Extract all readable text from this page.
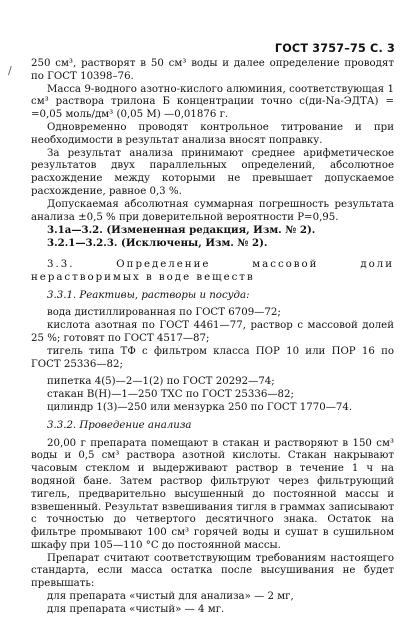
ГОСТ 3757–75 С. 3
/

250 см³, растворят в 50 см³ воды и далее определение проводят по ГОСТ 10398–76.

Масса 9-водного азотно-кислого алюминия, соответствующая 1 см³ раствора трилона Б концентрации точно с(ди-Na-ЭДТА) = =0,05 моль/дм³ (0,05 М) —0,01876 г.

Одновременно проводят контрольное титрование и при необходимости в результат анализа вносят поправку.

За результат анализа принимают среднее арифметическое результатов двух параллельных определений, абсолютное расхождение между которыми не превышает допускаемое расхождение, равное 0,3 %.

Допускаемая абсолютная суммарная погрешность результата анализа ±0,5 % при доверительной вероятности P=0,95.

3.1а—3.2. (Измененная редакция, Изм. № 2).

3.2.1—3.2.3. (Исключены, Изм. № 2).

3.3. Определение массовой доли нерастворимых в воде веществ

3.3.1. Реактивы, растворы и посуда:

вода дистиллированная по ГОСТ 6709—72;

кислота азотная по ГОСТ 4461—77, раствор с массовой долей 25 %; готовят по ГОСТ 4517—87;

тигель типа ТФ с фильтром класса ПОР 10 или ПОР 16 по ГОСТ 25336—82;

пипетка 4(5)—2—1(2) по ГОСТ 20292—74;

стакан В(Н)—1—250 ТХС по ГОСТ 25336—82;

цилиндр 1(3)—250 или мензурка 250 по ГОСТ 1770—74.

3.3.2. Проведение анализа

20,00 г препарата помещают в стакан и растворяют в 150 см³ воды и 0,5 см³ раствора азотной кислоты. Стакан накрывают часовым стеклом и выдерживают раствор в течение 1 ч на водяной бане. Затем раствор фильтруют через фильтрующий тигель, предварительно высушенный до постоянной массы и взвешенный. Результат взвешивания тигля в граммах записывают с точностью до четвертого десятичного знака. Остаток на фильтре промывают 100 см³ горячей воды и сушат в сушильном шкафу при 105—110 °С до постоянной массы.

Препарат считают соответствующим требованиям настоящего стандарта, если масса остатка после высушивания не будет превышать:

для препарата «чистый для анализа» — 2 мг,

для препарата «чистый» — 4 мг.
